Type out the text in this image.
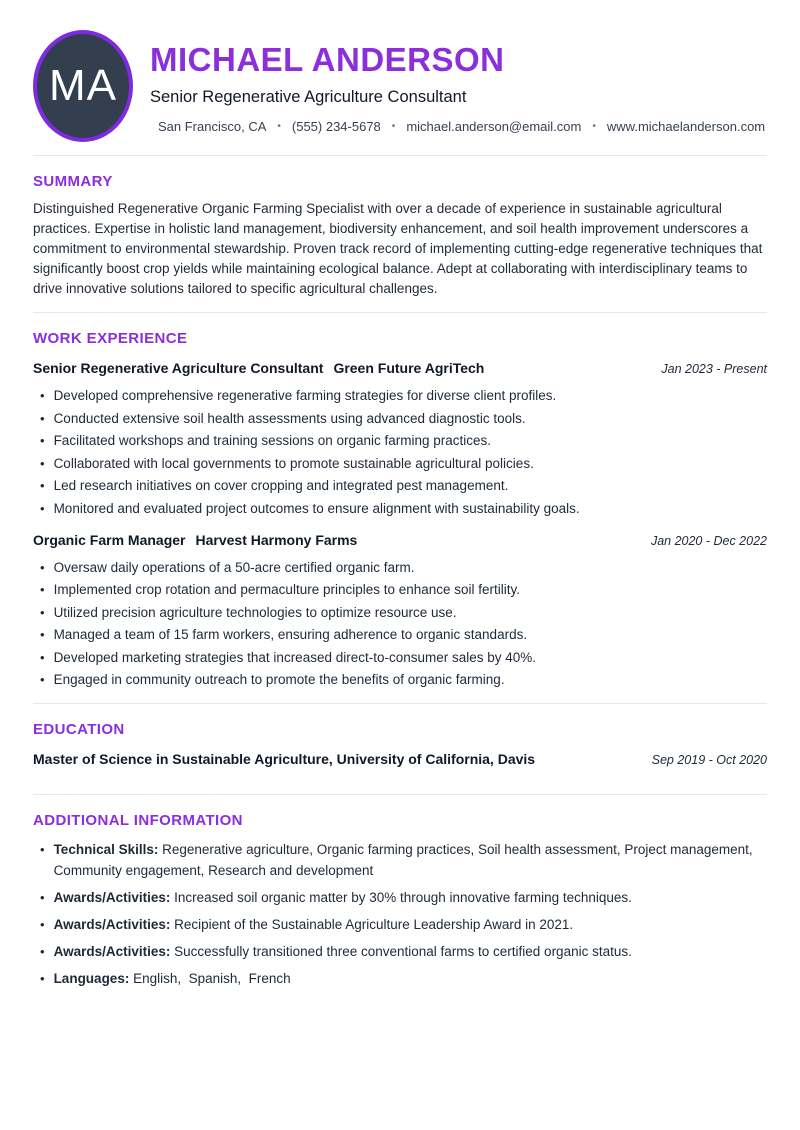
MA
MICHAEL ANDERSON
Senior Regenerative Agriculture Consultant
San Francisco, CA • (555) 234-5678 • michael.anderson@email.com • www.michaelanderson.com
SUMMARY

Distinguished Regenerative Organic Farming Specialist with over a decade of experience in sustainable agricultural practices. Expertise in holistic land management, biodiversity enhancement, and soil health improvement underscores a commitment to environmental stewardship. Proven track record of implementing cutting-edge regenerative techniques that significantly boost crop yields while maintaining ecological balance. Adept at collaborating with interdisciplinary teams to drive innovative solutions tailored to specific agricultural challenges.

WORK EXPERIENCE
Senior Regenerative Agriculture Consultant Green Future AgriTech	Jan 2023 - Present
• Developed comprehensive regenerative farming strategies for diverse client profiles.
• Conducted extensive soil health assessments using advanced diagnostic tools.
• Facilitated workshops and training sessions on organic farming practices.
• Collaborated with local governments to promote sustainable agricultural policies.
• Led research initiatives on cover cropping and integrated pest management.
• Monitored and evaluated project outcomes to ensure alignment with sustainability goals.
Organic Farm Manager Harvest Harmony Farms	Jan 2020 - Dec 2022
• Oversaw daily operations of a 50-acre certified organic farm.
• Implemented crop rotation and permaculture principles to enhance soil fertility.
• Utilized precision agriculture technologies to optimize resource use.
• Managed a team of 15 farm workers, ensuring adherence to organic standards.
• Developed marketing strategies that increased direct-to-consumer sales by 40%.
• Engaged in community outreach to promote the benefits of organic farming.
EDUCATION
Master of Science in Sustainable Agriculture, University of California, Davis	Sep 2019 - Oct 2020
ADDITIONAL INFORMATION
• Technical Skills: Regenerative agriculture, Organic farming practices, Soil health assessment, Project management, Community engagement, Research and development
• Awards/Activities: Increased soil organic matter by 30% through innovative farming techniques.
• Awards/Activities: Recipient of the Sustainable Agriculture Leadership Award in 2021.
• Awards/Activities: Successfully transitioned three conventional farms to certified organic status.
• Languages: English,  Spanish,  French
